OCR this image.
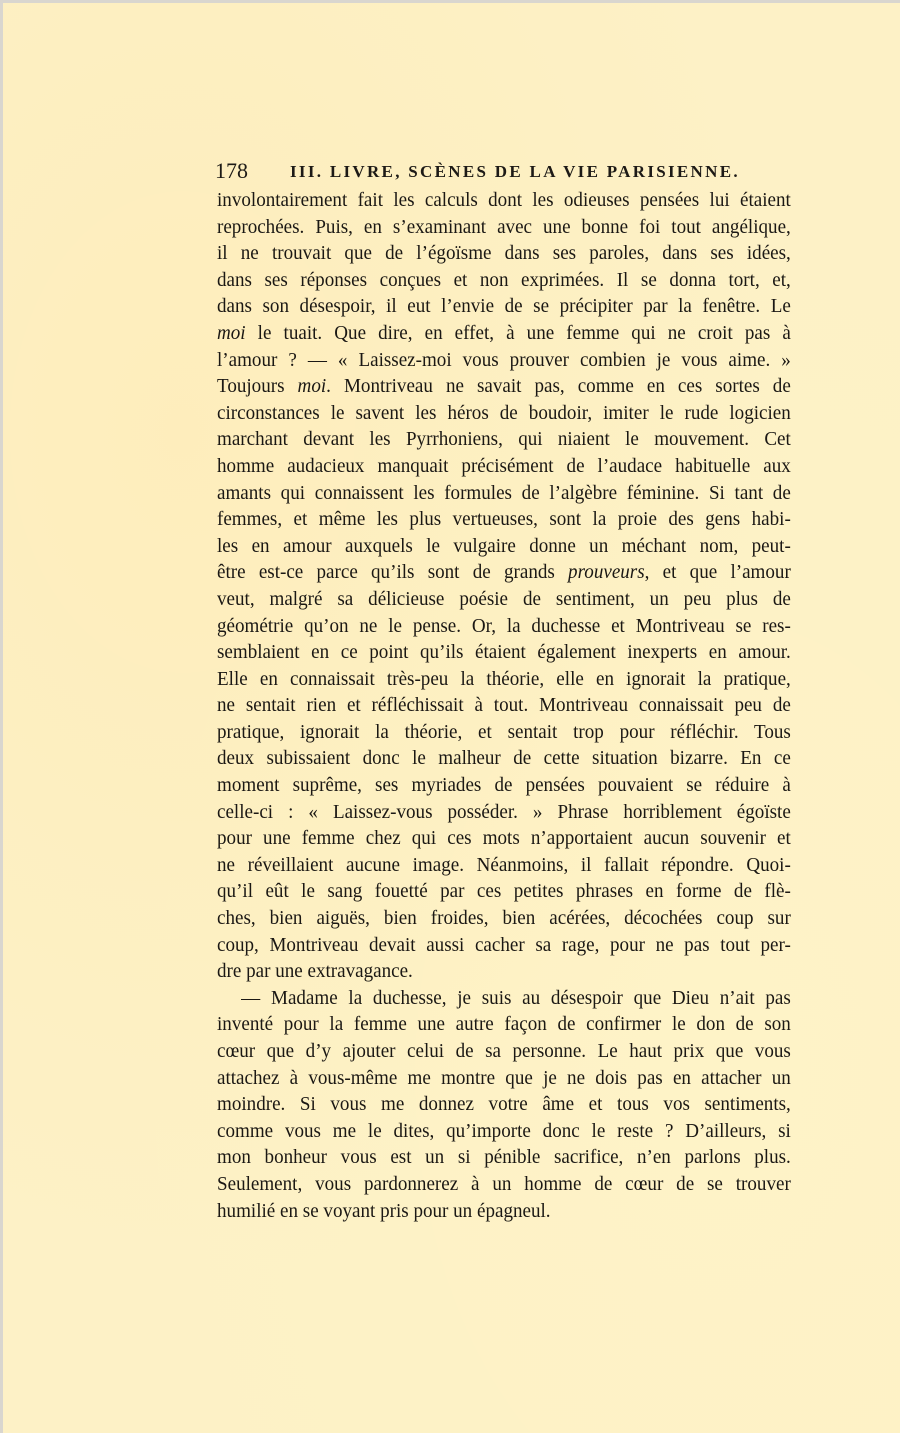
178 III. LIVRE, SCÈNES DE LA VIE PARISIENNE.
involontairement fait les calculs dont les odieuses pensées lui étaient
reprochées. Puis, en s’examinant avec une bonne foi tout angélique,
il ne trouvait que de l’égoïsme dans ses paroles, dans ses idées,
dans ses réponses conçues et non exprimées. Il se donna tort, et,
dans son désespoir, il eut l’envie de se précipiter par la fenêtre. Le
moi le tuait. Que dire, en effet, à une femme qui ne croit pas à
l’amour ? — « Laissez-moi vous prouver combien je vous aime. »
Toujours moi. Montriveau ne savait pas, comme en ces sortes de
circonstances le savent les héros de boudoir, imiter le rude logicien
marchant devant les Pyrrhoniens, qui niaient le mouvement. Cet
homme audacieux manquait précisément de l’audace habituelle aux
amants qui connaissent les formules de l’algèbre féminine. Si tant de
femmes, et même les plus vertueuses, sont la proie des gens habi-
les en amour auxquels le vulgaire donne un méchant nom, peut-
être est-ce parce qu’ils sont de grands prouveurs, et que l’amour
veut, malgré sa délicieuse poésie de sentiment, un peu plus de
géométrie qu’on ne le pense. Or, la duchesse et Montriveau se res-
semblaient en ce point qu’ils étaient également inexperts en amour.
Elle en connaissait très-peu la théorie, elle en ignorait la pratique,
ne sentait rien et réfléchissait à tout. Montriveau connaissait peu de
pratique, ignorait la théorie, et sentait trop pour réfléchir. Tous
deux subissaient donc le malheur de cette situation bizarre. En ce
moment suprême, ses myriades de pensées pouvaient se réduire à
celle-ci : « Laissez-vous posséder. » Phrase horriblement égoïste
pour une femme chez qui ces mots n’apportaient aucun souvenir et
ne réveillaient aucune image. Néanmoins, il fallait répondre. Quoi-
qu’il eût le sang fouetté par ces petites phrases en forme de flè-
ches, bien aiguës, bien froides, bien acérées, décochées coup sur
coup, Montriveau devait aussi cacher sa rage, pour ne pas tout per-
dre par une extravagance.
— Madame la duchesse, je suis au désespoir que Dieu n’ait pas
inventé pour la femme une autre façon de confirmer le don de son
cœur que d’y ajouter celui de sa personne. Le haut prix que vous
attachez à vous-même me montre que je ne dois pas en attacher un
moindre. Si vous me donnez votre âme et tous vos sentiments,
comme vous me le dites, qu’importe donc le reste ? D’ailleurs, si
mon bonheur vous est un si pénible sacrifice, n’en parlons plus.
Seulement, vous pardonnerez à un homme de cœur de se trouver
humilié en se voyant pris pour un épagneul.
